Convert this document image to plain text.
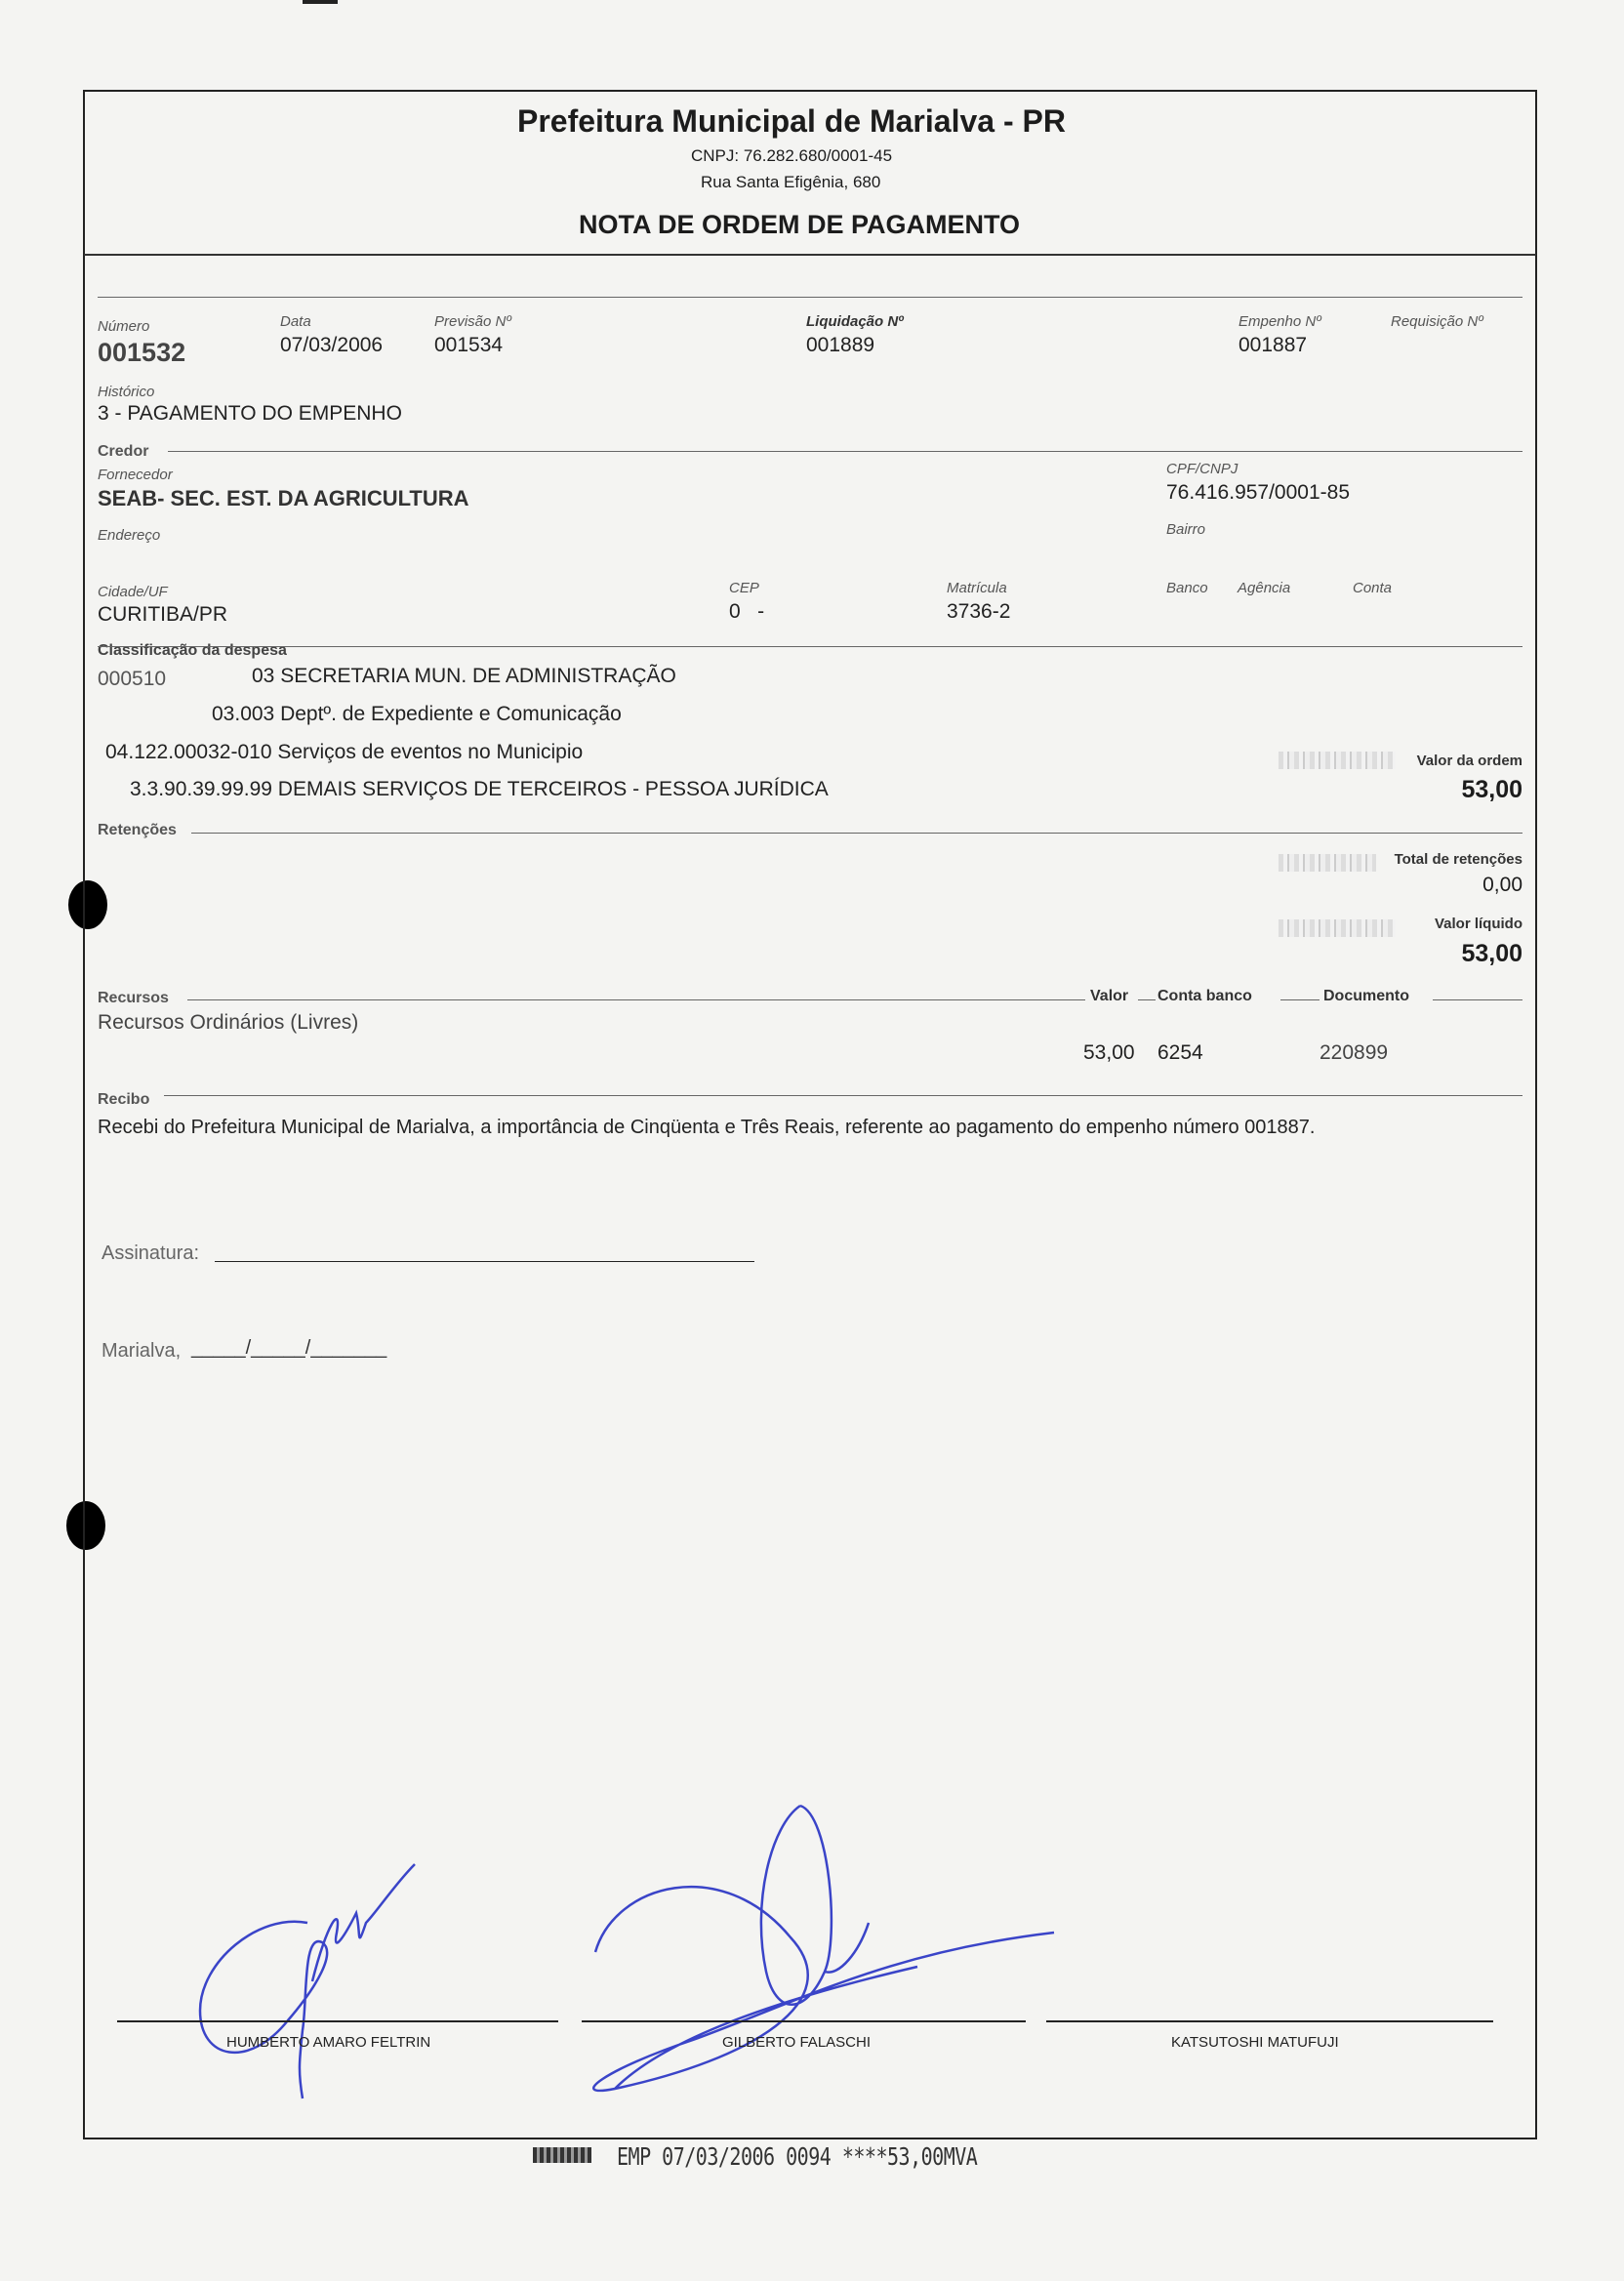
Prefeitura Municipal de Marialva - PR
CNPJ: 76.282.680/0001-45
Rua Santa Efigênia, 680
NOTA DE ORDEM DE PAGAMENTO
Número
001532
Data
07/03/2006
Previsão Nº
001534
Liquidação Nº
001889
Empenho Nº
001887
Requisição Nº
Histórico
3 - PAGAMENTO DO EMPENHO
Credor
Fornecedor
SEAB- SEC. EST. DA AGRICULTURA
CPF/CNPJ
76.416.957/0001-85
Endereço	Bairro
Cidade/UF
CURITIBA/PR
CEP
0   -
Matrícula
3736-2
Banco Agência	Conta
Classificação da despesa
000510	03 SECRETARIA MUN. DE ADMINISTRAÇÃO
03.003 Deptº. de Expediente e Comunicação
04.122.00032-010 Serviços de eventos no Municipio
3.3.90.39.99.99 DEMAIS SERVIÇOS DE TERCEIROS - PESSOA JURÍDICA
Valor da ordem
53,00
Retenções
Total de retenções
0,00
Valor líquido
53,00
Recursos	Valor Conta banco	Documento
Recursos Ordinários (Livres)
53,00 6254	220899
Recibo
Recebi do Prefeitura Municipal de Marialva, a importância de Cinqüenta e Três Reais, referente ao pagamento do empenho número 001887.
Assinatura:
Marialva, _____/_____/_______
HUMBERTO AMARO FELTRIN	GILBERTO FALASCHI	KATSUTOSHI MATUFUJI
EMP 07/03/2006 0094 ****53,00MVA
